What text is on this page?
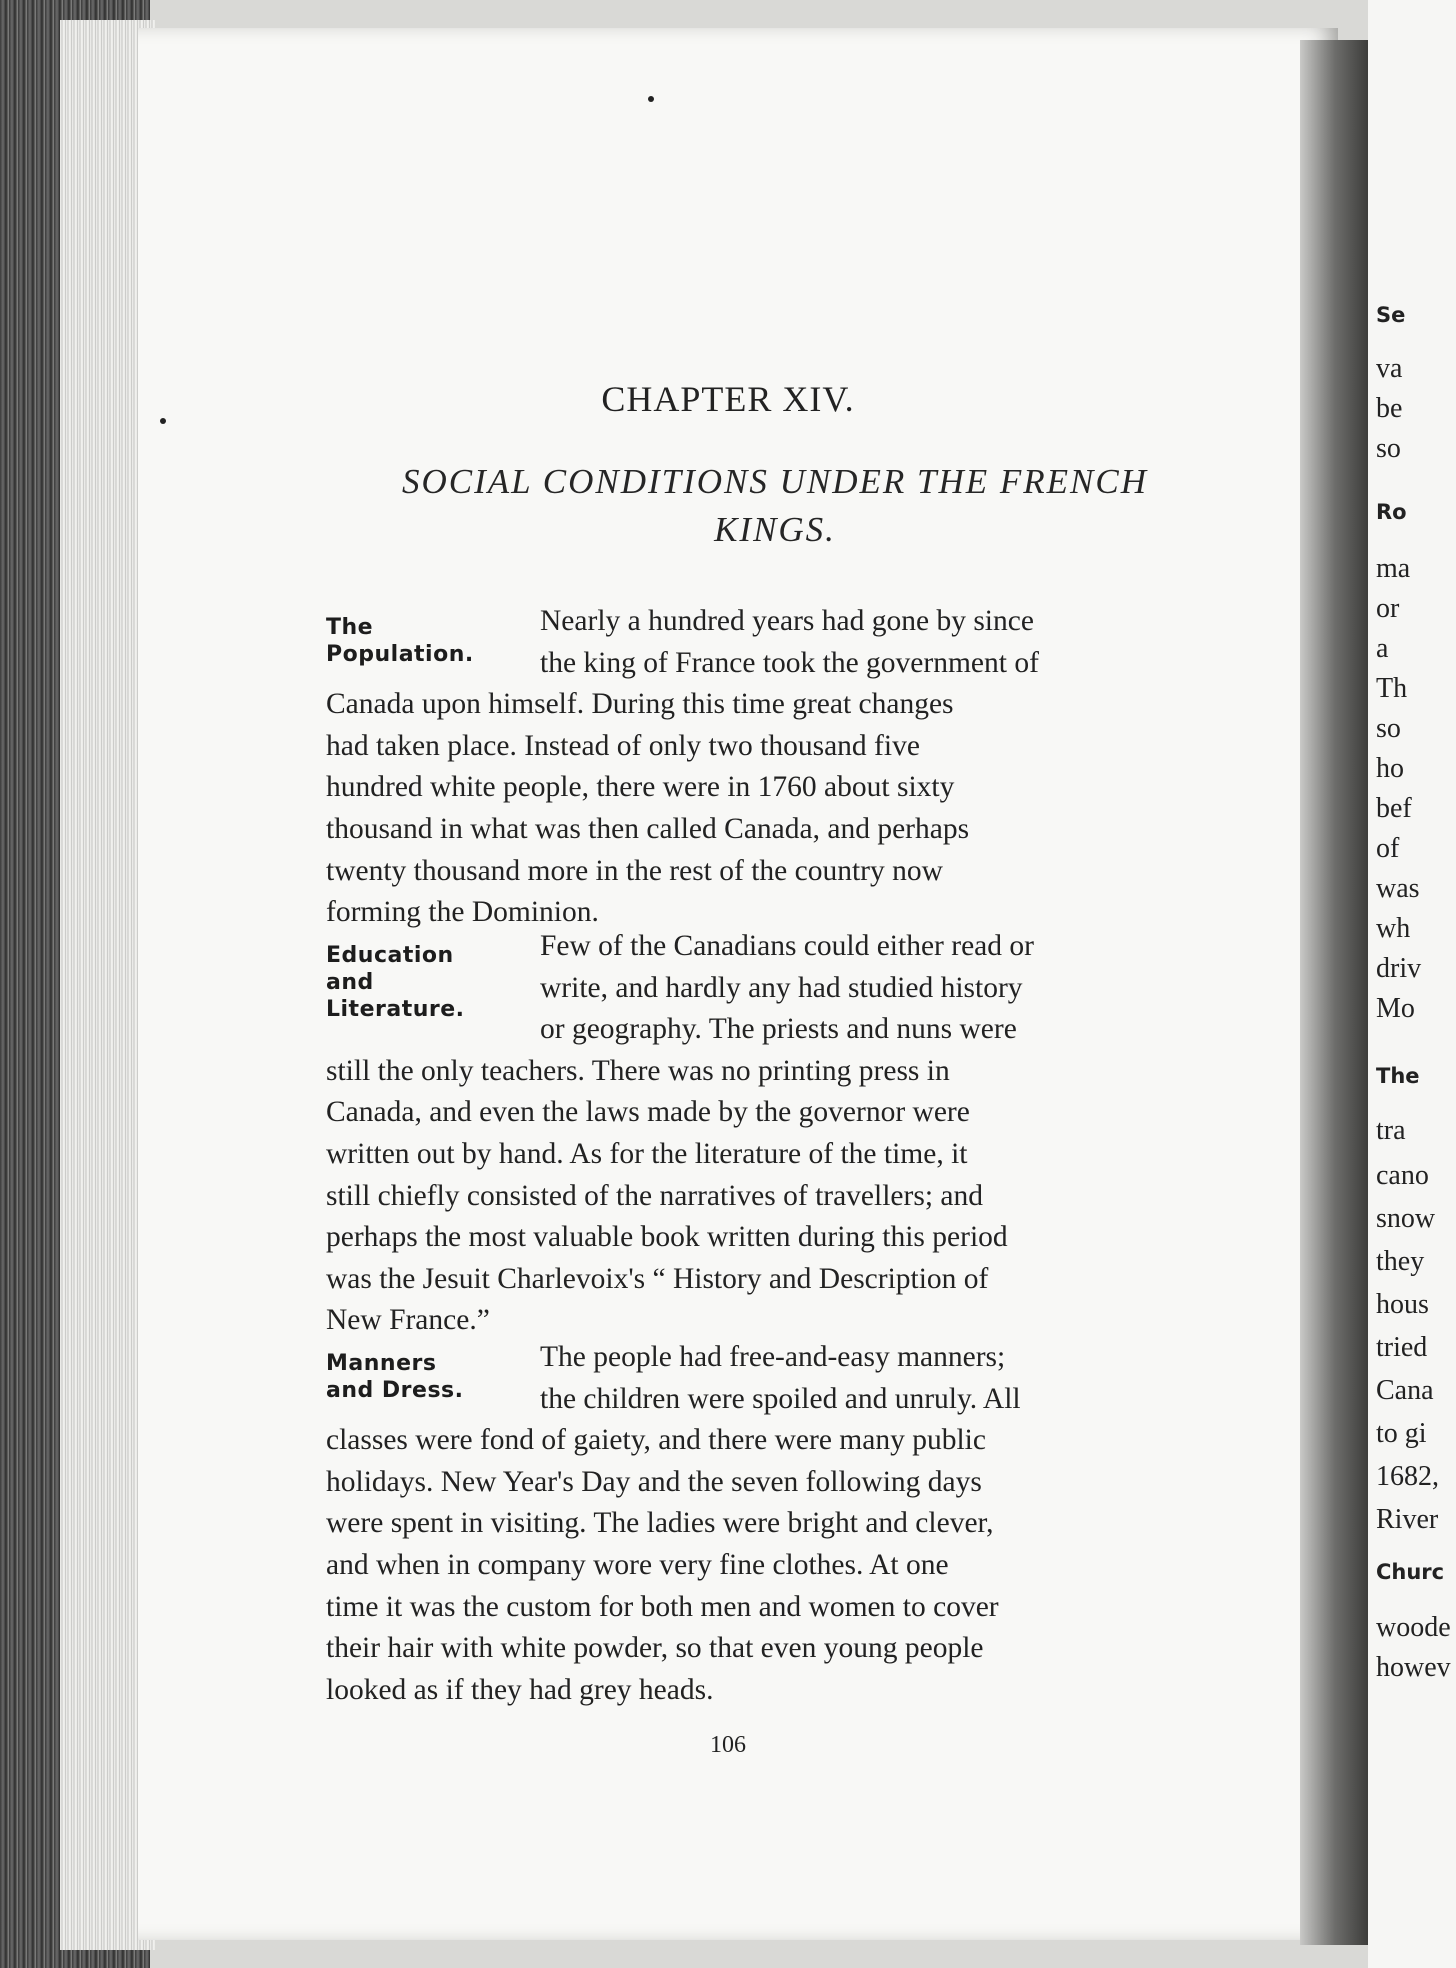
CHAPTER XIV.
SOCIAL CONDITIONS UNDER THE FRENCH
KINGS.
The
Population.
Nearly a hundred years had gone by since
the king of France took the government of
Canada upon himself. During this time great changes
had taken place. Instead of only two thousand five
hundred white people, there were in 1760 about sixty
thousand in what was then called Canada, and perhaps
twenty thousand more in the rest of the country now
forming the Dominion.
Education
and
Literature.
Few of the Canadians could either read or
write, and hardly any had studied history
or geography. The priests and nuns were
still the only teachers. There was no printing press in
Canada, and even the laws made by the governor were
written out by hand. As for the literature of the time, it
still chiefly consisted of the narratives of travellers; and
perhaps the most valuable book written during this period
was the Jesuit Charlevoix's “ History and Description of
New France.”
Manners
and Dress.
The people had free-and-easy manners;
the children were spoiled and unruly. All
classes were fond of gaiety, and there were many public
holidays. New Year's Day and the seven following days
were spent in visiting. The ladies were bright and clever,
and when in company wore very fine clothes. At one
time it was the custom for both men and women to cover
their hair with white powder, so that even young people
looked as if they had grey heads.
106
Se
va
be
so
Ro
ma
or
a
Th
so
ho
bef
of
was
wh
driv
Mo
The
tra
cano
snow
they
hous
tried
Cana
to gi
1682,
River
Churc
woode
howev
